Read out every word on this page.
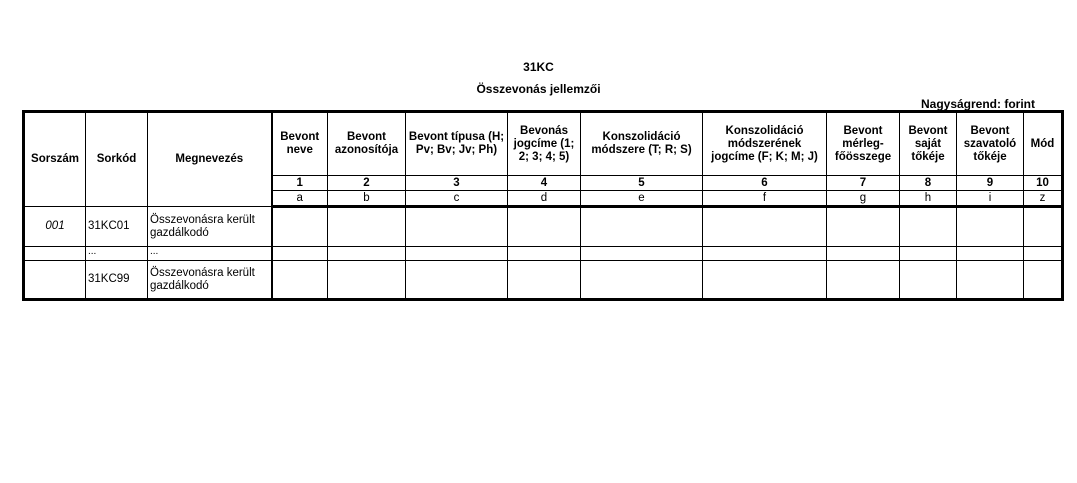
31KC
Összevonás jellemzői
Nagyságrend: forint
Sorszám	Sorkód	Megnevezés	Bevont neve	Bevont azonosítója	Bevont típusa (H; Pv; Bv; Jv; Ph)	Bevonás jogcíme (1; 2; 3; 4; 5)	Konszolidáció módszere (T; R; S)	Konszolidáció módszerének jogcíme (F; K; M; J)	Bevont mérleg-főösszege	Bevont saját tőkéje	Bevont szavatoló tőkéje	Mód
			1	2	3	4	5	6	7	8	9	10
			a	b	c	d	e	f	g	h	i	z
001	31KC01	Összevonásra került gazdálkodó										
	...	...										
	31KC99	Összevonásra került gazdálkodó										
